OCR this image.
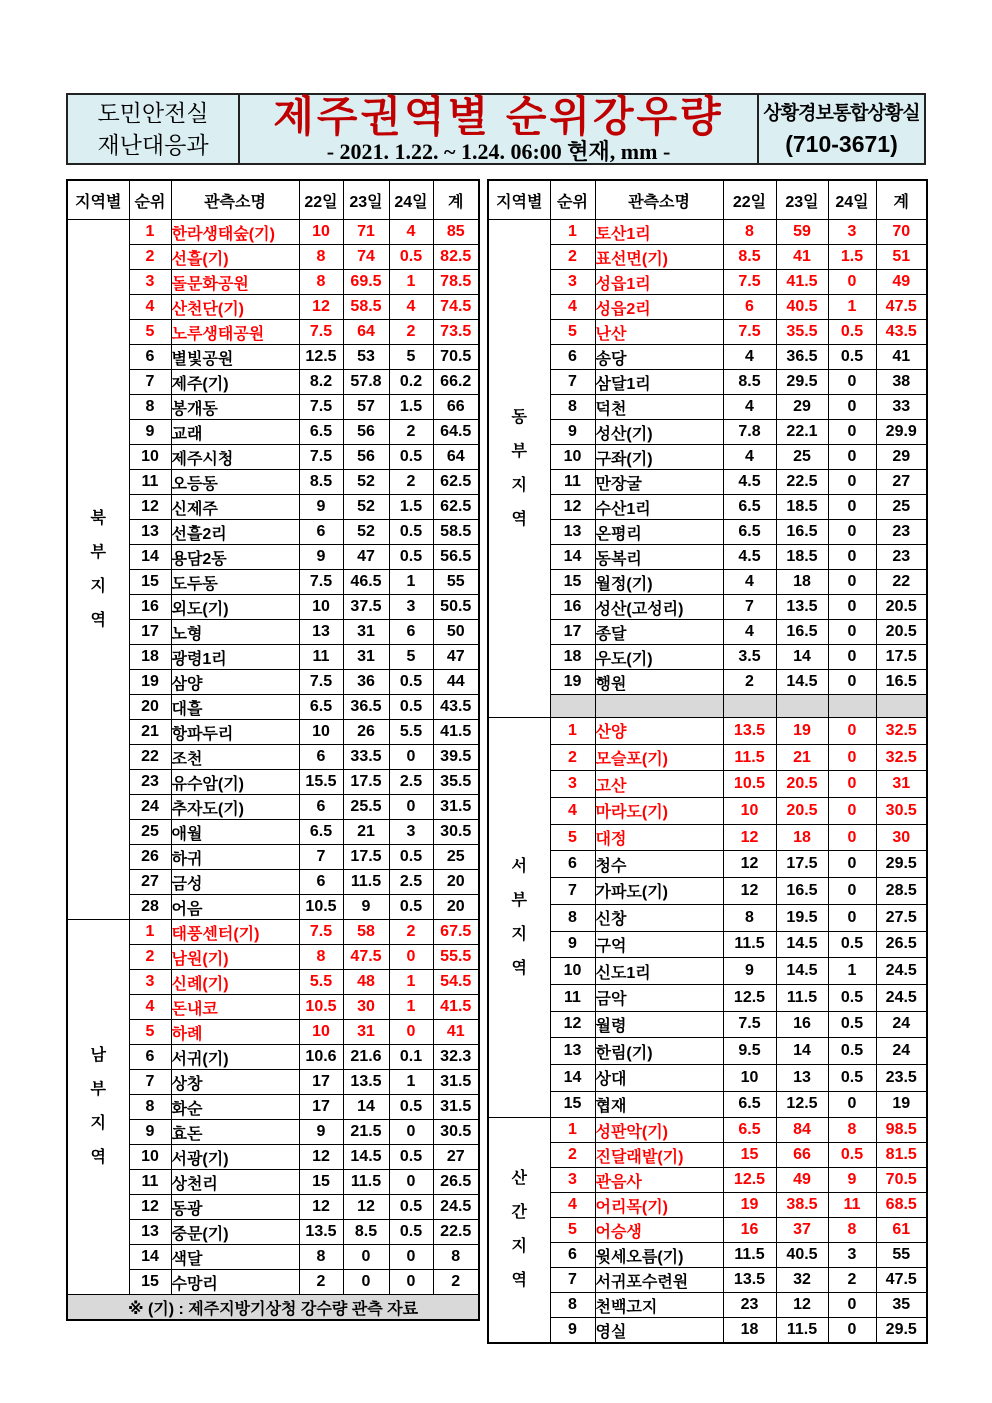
도민안전실
재난대응과
제주권역별 순위강우량
- 2021. 1.22. ~ 1.24. 06:00 현재, mm -
상황경보통합상황실
(710-3671)
지역별	순위	관측소명	22일	23일	24일	계
북부지역	1	한라생태숲(기)	10	71	4	85
	2	선흘(기)	8	74	0.5	82.5
	3	돌문화공원	8	69.5	1	78.5
	4	산천단(기)	12	58.5	4	74.5
	5	노루생태공원	7.5	64	2	73.5
	6	별빛공원	12.5	53	5	70.5
	7	제주(기)	8.2	57.8	0.2	66.2
	8	봉개동	7.5	57	1.5	66
	9	교래	6.5	56	2	64.5
	10	제주시청	7.5	56	0.5	64
	11	오등동	8.5	52	2	62.5
	12	신제주	9	52	1.5	62.5
	13	선흘2리	6	52	0.5	58.5
	14	용담2동	9	47	0.5	56.5
	15	도두동	7.5	46.5	1	55
	16	외도(기)	10	37.5	3	50.5
	17	노형	13	31	6	50
	18	광령1리	11	31	5	47
	19	삼양	7.5	36	0.5	44
	20	대흘	6.5	36.5	0.5	43.5
	21	항파두리	10	26	5.5	41.5
	22	조천	6	33.5	0	39.5
	23	유수암(기)	15.5	17.5	2.5	35.5
	24	추자도(기)	6	25.5	0	31.5
	25	애월	6.5	21	3	30.5
	26	하귀	7	17.5	0.5	25
	27	금성	6	11.5	2.5	20
	28	어음	10.5	9	0.5	20
남부지역	1	태풍센터(기)	7.5	58	2	67.5
	2	남원(기)	8	47.5	0	55.5
	3	신례(기)	5.5	48	1	54.5
	4	돈내코	10.5	30	1	41.5
	5	하례	10	31	0	41
	6	서귀(기)	10.6	21.6	0.1	32.3
	7	상창	17	13.5	1	31.5
	8	화순	17	14	0.5	31.5
	9	효돈	9	21.5	0	30.5
	10	서광(기)	12	14.5	0.5	27
	11	상천리	15	11.5	0	26.5
	12	동광	12	12	0.5	24.5
	13	중문(기)	13.5	8.5	0.5	22.5
	14	색달	8	0	0	8
	15	수망리	2	0	0	2
※ (기) : 제주지방기상청 강수량 관측 자료						
지역별	순위	관측소명	22일	23일	24일	계
동부지역	1	토산1리	8	59	3	70
	2	표선면(기)	8.5	41	1.5	51
	3	성읍1리	7.5	41.5	0	49
	4	성읍2리	6	40.5	1	47.5
	5	난산	7.5	35.5	0.5	43.5
	6	송당	4	36.5	0.5	41
	7	삼달1리	8.5	29.5	0	38
	8	덕천	4	29	0	33
	9	성산(기)	7.8	22.1	0	29.9
	10	구좌(기)	4	25	0	29
	11	만장굴	4.5	22.5	0	27
	12	수산1리	6.5	18.5	0	25
	13	온평리	6.5	16.5	0	23
	14	동복리	4.5	18.5	0	23
	15	월정(기)	4	18	0	22
	16	성산(고성리)	7	13.5	0	20.5
	17	종달	4	16.5	0	20.5
	18	우도(기)	3.5	14	0	17.5
	19	행원	2	14.5	0	16.5

서부지역	1	산양	13.5	19	0	32.5
	2	모슬포(기)	11.5	21	0	32.5
	3	고산	10.5	20.5	0	31
	4	마라도(기)	10	20.5	0	30.5
	5	대정	12	18	0	30
	6	청수	12	17.5	0	29.5
	7	가파도(기)	12	16.5	0	28.5
	8	신창	8	19.5	0	27.5
	9	구억	11.5	14.5	0.5	26.5
	10	신도1리	9	14.5	1	24.5
	11	금악	12.5	11.5	0.5	24.5
	12	월령	7.5	16	0.5	24
	13	한림(기)	9.5	14	0.5	24
	14	상대	10	13	0.5	23.5
	15	협재	6.5	12.5	0	19
산간지역	1	성판악(기)	6.5	84	8	98.5
	2	진달래밭(기)	15	66	0.5	81.5
	3	관음사	12.5	49	9	70.5
	4	어리목(기)	19	38.5	11	68.5
	5	어승생	16	37	8	61
	6	윗세오름(기)	11.5	40.5	3	55
	7	서귀포수련원	13.5	32	2	47.5
	8	천백고지	23	12	0	35
	9	영실	18	11.5	0	29.5
